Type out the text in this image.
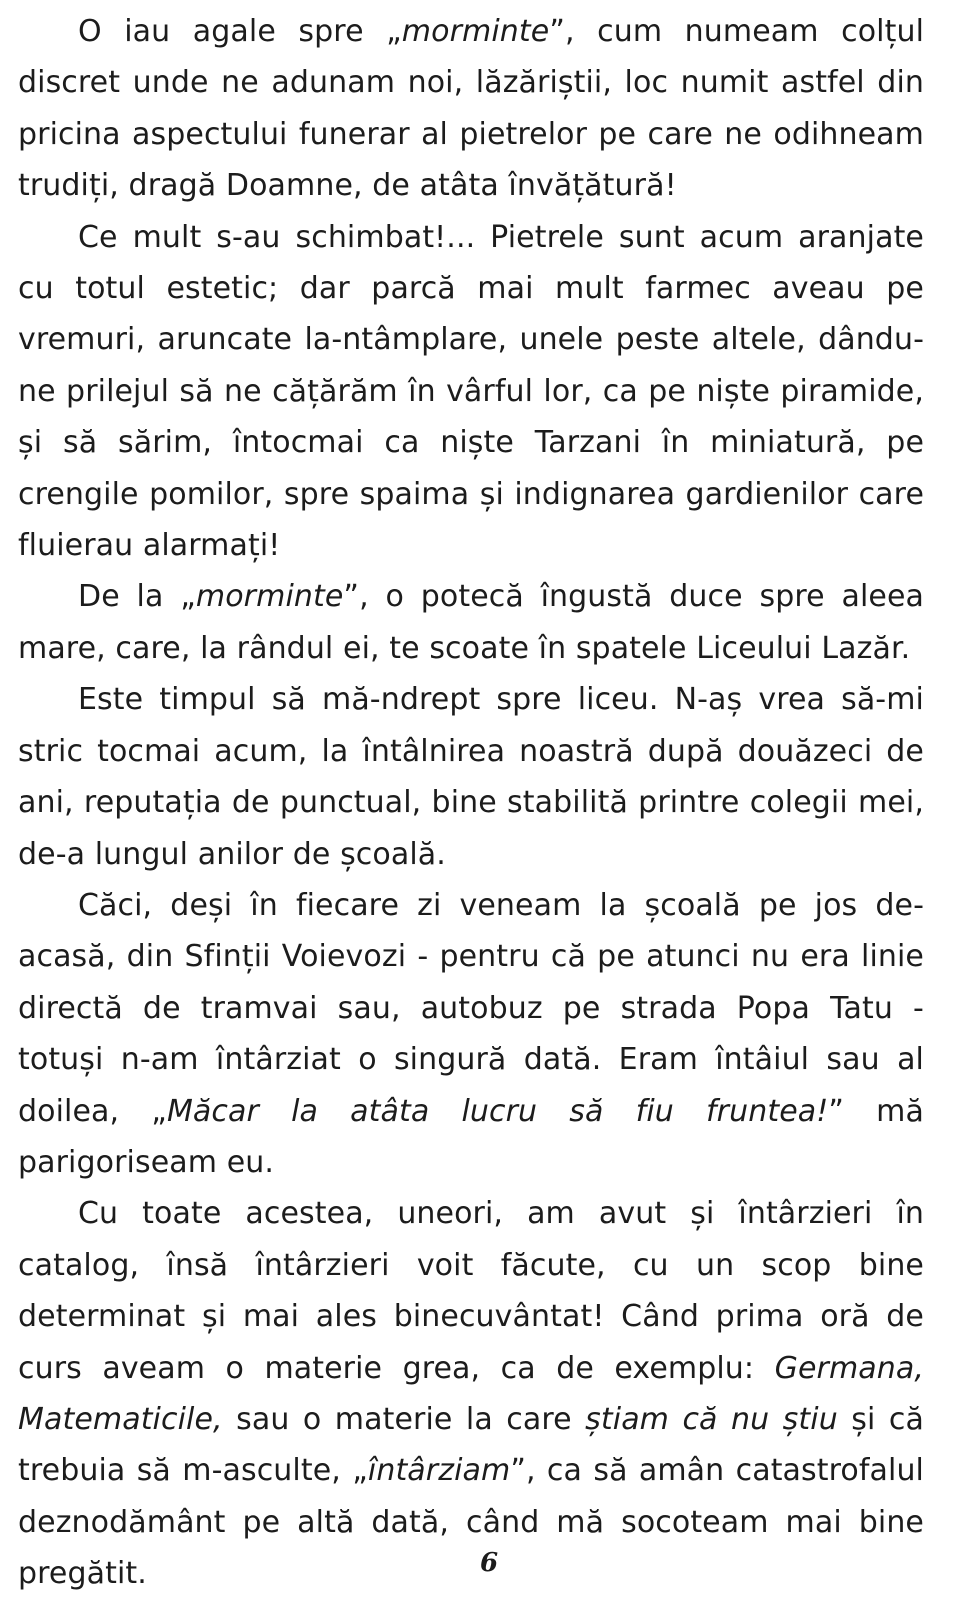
O iau agale spre „morminte”, cum numeam colțul discret unde ne adunam noi, lăzăriștii, loc numit astfel din pricina aspectului funerar al pietrelor pe care ne odihneam trudiți, dragă Doamne, de atâta învățătură!

Ce mult s-au schimbat!... Pietrele sunt acum aranjate cu totul estetic; dar parcă mai mult farmec aveau pe vremuri, aruncate la-ntâmplare, unele peste altele, dându-ne prilejul să ne cățărăm în vârful lor, ca pe niște piramide, și să sărim, întocmai ca niște Tarzani în miniatură, pe crengile pomilor, spre spaima și indignarea gardienilor care fluierau alarmați!

De la „morminte”, o potecă îngustă duce spre aleea mare, care, la rândul ei, te scoate în spatele Liceului Lazăr.

Este timpul să mă-ndrept spre liceu. N-aș vrea să-mi stric tocmai acum, la întâlnirea noastră după douăzeci de ani, reputația de punctual, bine stabilită printre colegii mei, de-a lungul anilor de școală.

Căci, deși în fiecare zi veneam la școală pe jos de-acasă, din Sfinții Voievozi - pentru că pe atunci nu era linie directă de tramvai sau, autobuz pe strada Popa Tatu - totuși n-am întârziat o singură dată. Eram întâiul sau al doilea, „Măcar la atâta lucru să fiu fruntea!” mă parigoriseam eu.

Cu toate acestea, uneori, am avut și întârzieri în catalog, însă întârzieri voit făcute, cu un scop bine determinat și mai ales binecuvântat! Când prima oră de curs aveam o materie grea, ca de exemplu: Germana, Matematicile, sau o materie la care știam că nu știu și că trebuia să m-asculte, „întârziam”, ca să amân catastrofalul deznodământ pe altă dată, când mă socoteam mai bine pregătit.	6
